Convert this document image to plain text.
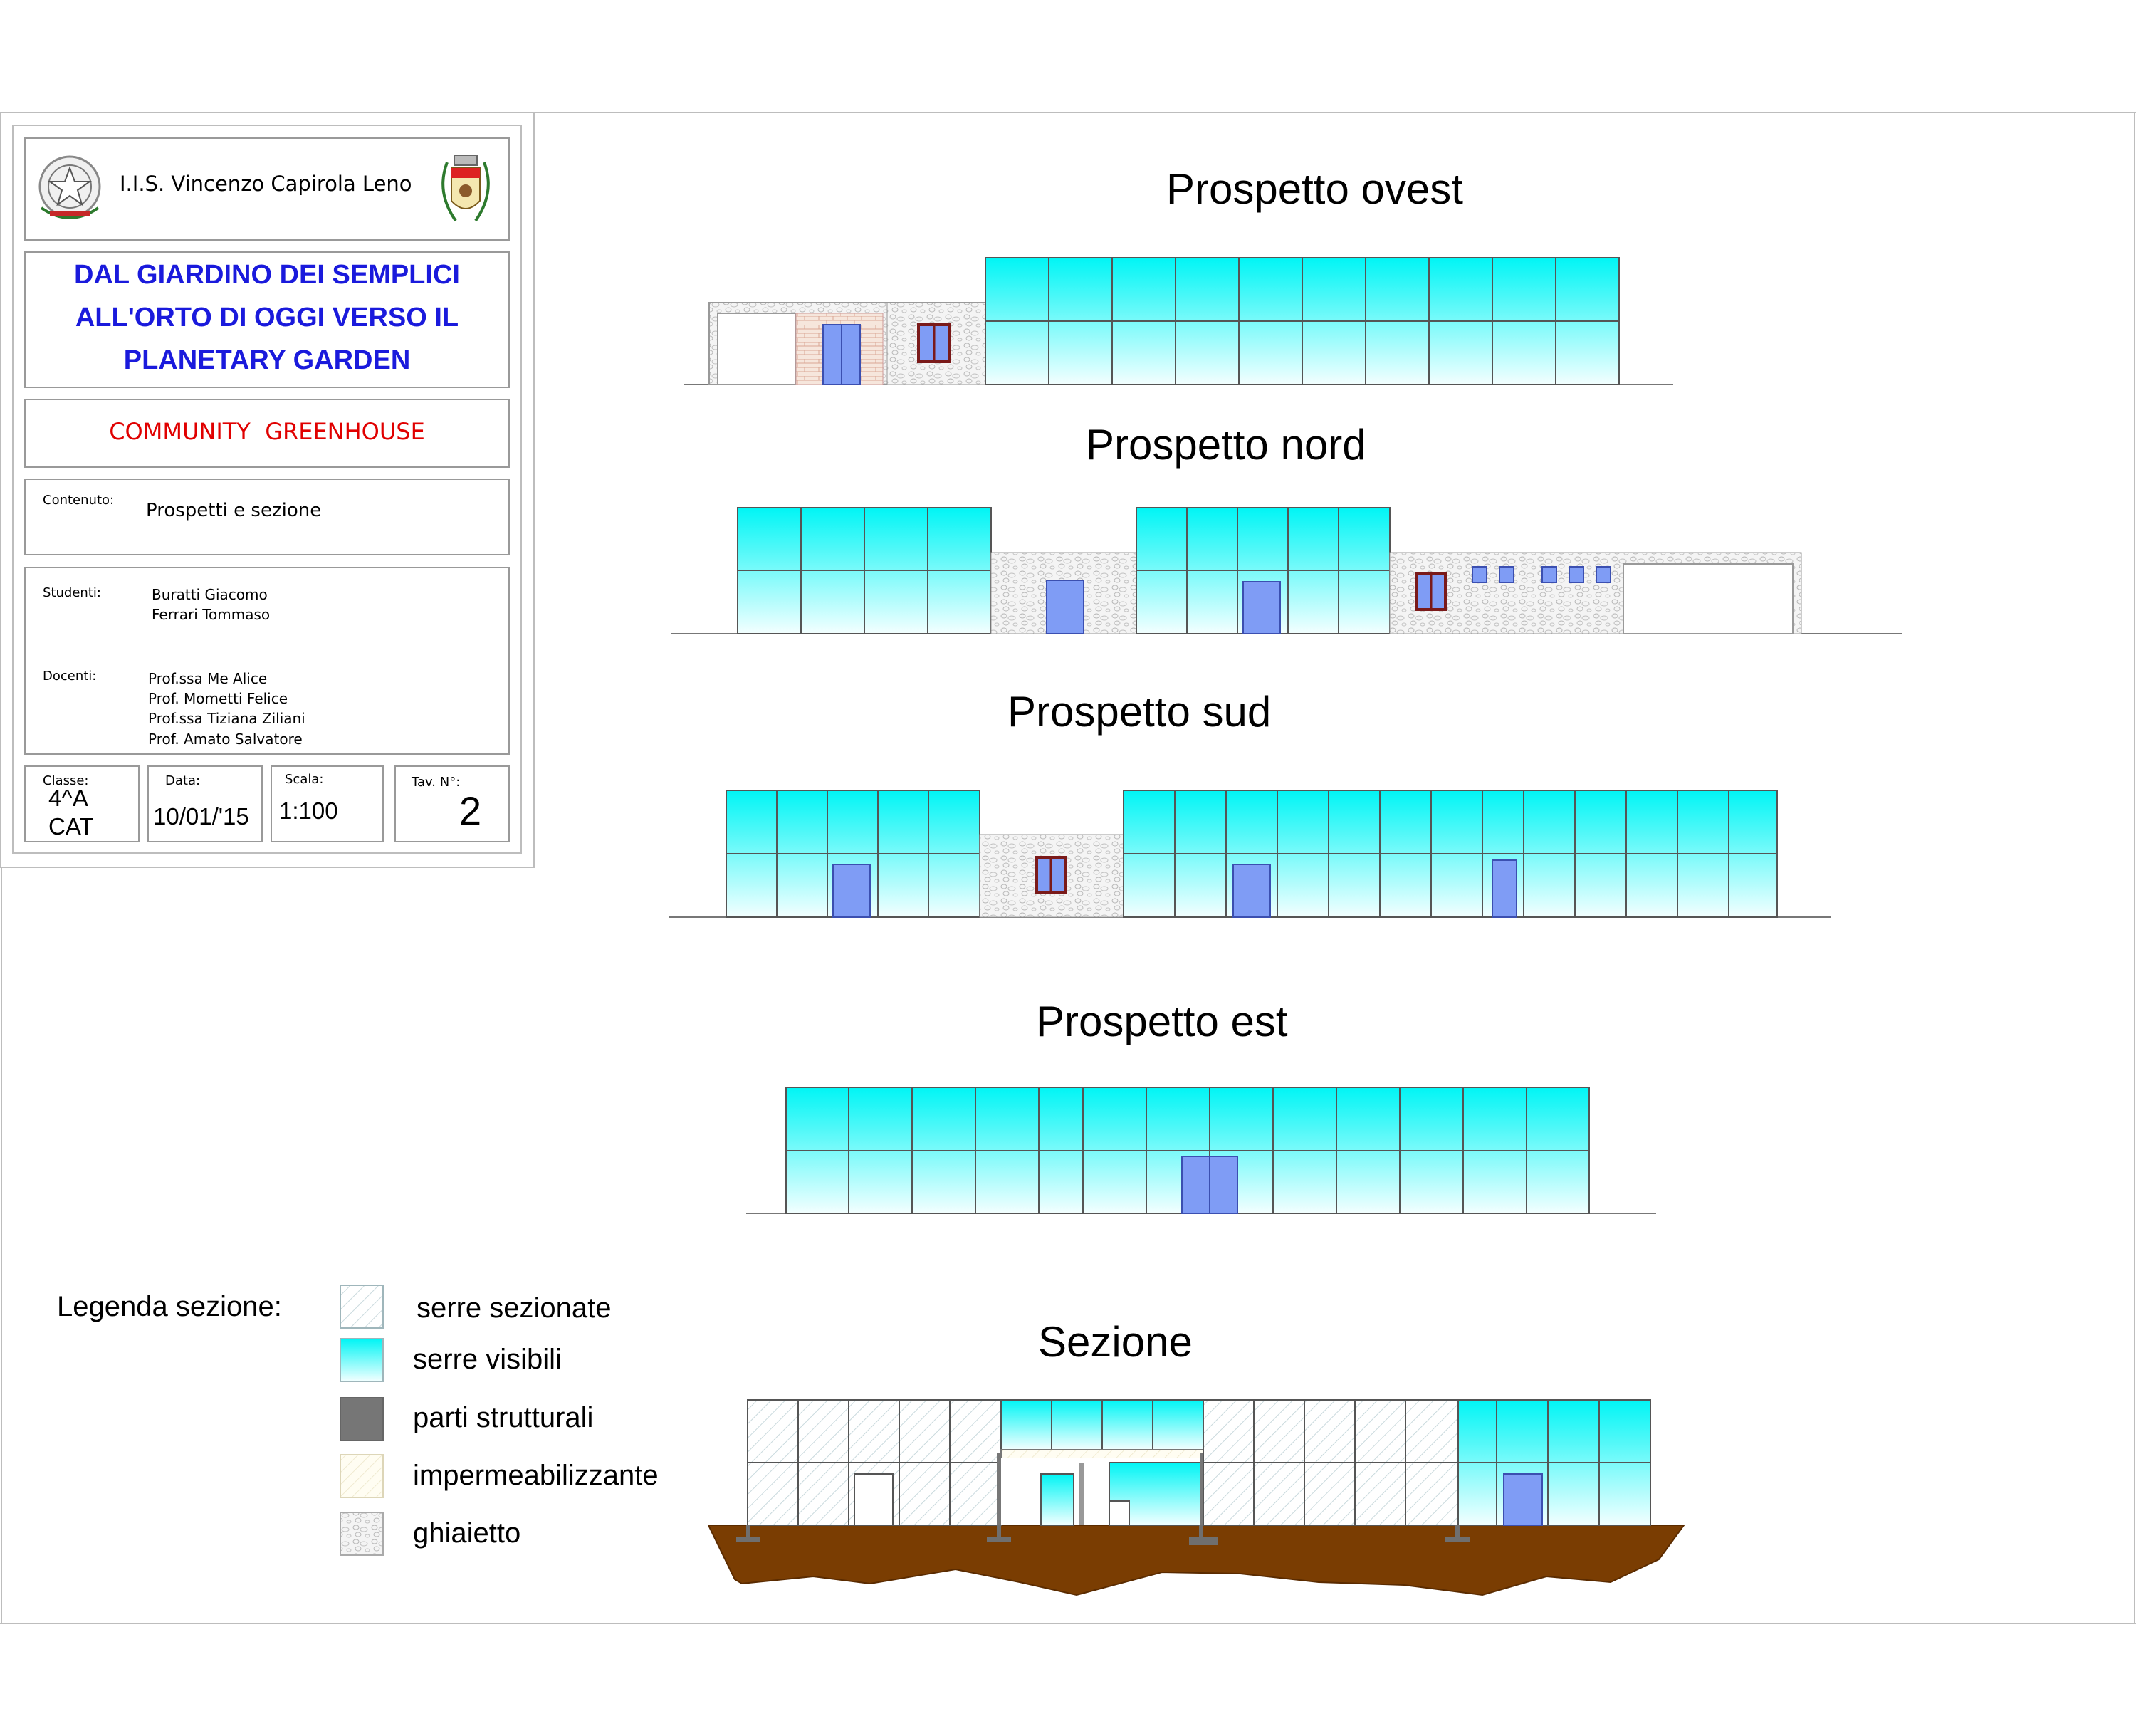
I.I.S. Vincenzo Capirola Leno
DAL GIARDINO DEI SEMPLICI
ALL'ORTO DI OGGI VERSO IL
PLANETARY GARDEN
COMMUNITY  GREENHOUSE
Contenuto: Prospetti e sezione
Studenti:	Buratti Giacomo
Ferrari Tommaso
Docenti:	Prof.ssa Me Alice
Prof. Mometti Felice
Prof.ssa Tiziana Ziliani
Prof. Amato Salvatore
Classe:
4^A
CAT
Data:
10/01/'15
Scala:
1:100
Tav. N°:
2
Prospetto ovest
Prospetto nord
Prospetto sud
Prospetto est
Sezione
Legenda sezione:	serre sezionate
serre visibili
parti strutturali
impermeabilizzante
ghiaietto
